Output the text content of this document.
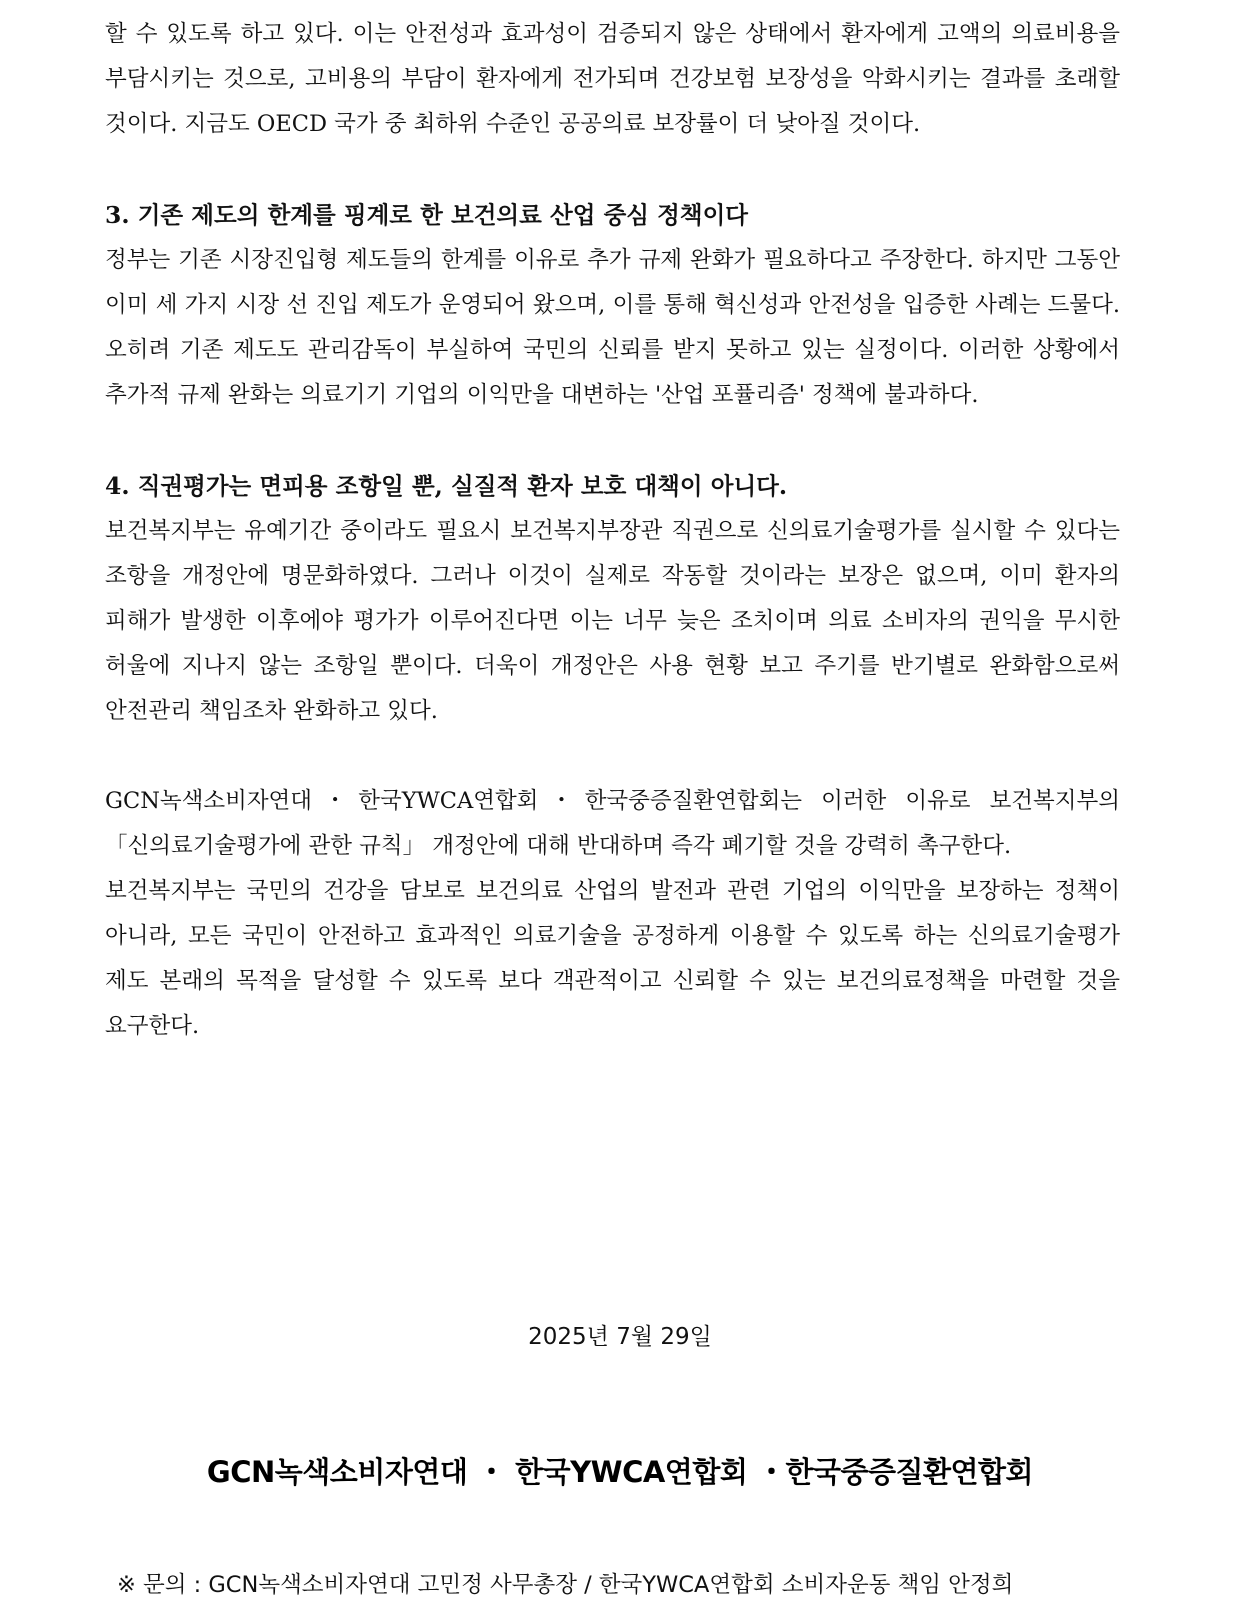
할 수 있도록 하고 있다. 이는 안전성과 효과성이 검증되지 않은 상태에서 환자에게 고액의 의료비용을 부담시키는 것으로, 고비용의 부담이 환자에게 전가되며 건강보험 보장성을 악화시키는 결과를 초래할 것이다. 지금도 OECD 국가 중 최하위 수준인 공공의료 보장률이 더 낮아질 것이다.

3. 기존 제도의 한계를 핑계로 한 보건의료 산업 중심 정책이다

정부는 기존 시장진입형 제도들의 한계를 이유로 추가 규제 완화가 필요하다고 주장한다. 하지만 그동안 이미 세 가지 시장 선 진입 제도가 운영되어 왔으며, 이를 통해 혁신성과 안전성을 입증한 사례는 드물다. 오히려 기존 제도도 관리감독이 부실하여 국민의 신뢰를 받지 못하고 있는 실정이다. 이러한 상황에서 추가적 규제 완화는 의료기기 기업의 이익만을 대변하는 '산업 포퓰리즘' 정책에 불과하다.

4. 직권평가는 면피용 조항일 뿐, 실질적 환자 보호 대책이 아니다.

보건복지부는 유예기간 중이라도 필요시 보건복지부장관 직권으로 신의료기술평가를 실시할 수 있다는 조항을 개정안에 명문화하였다. 그러나 이것이 실제로 작동할 것이라는 보장은 없으며, 이미 환자의 피해가 발생한 이후에야 평가가 이루어진다면 이는 너무 늦은 조치이며 의료 소비자의 권익을 무시한 허울에 지나지 않는 조항일 뿐이다. 더욱이 개정안은 사용 현황 보고 주기를 반기별로 완화함으로써 안전관리 책임조차 완화하고 있다.

GCN녹색소비자연대・한국YWCA연합회・한국중증질환연합회는 이러한 이유로 보건복지부의 「신의료기술평가에 관한 규칙」 개정안에 대해 반대하며 즉각 폐기할 것을 강력히 촉구한다.

보건복지부는 국민의 건강을 담보로 보건의료 산업의 발전과 관련 기업의 이익만을 보장하는 정책이 아니라, 모든 국민이 안전하고 효과적인 의료기술을 공정하게 이용할 수 있도록 하는 신의료기술평가 제도 본래의 목적을 달성할 수 있도록 보다 객관적이고 신뢰할 수 있는 보건의료정책을 마련할 것을 요구한다.

2025년 7월 29일
GCN녹색소비자연대 ・ 한국YWCA연합회 ・한국중증질환연합회
※ 문의 : GCN녹색소비자연대 고민정 사무총장 / 한국YWCA연합회 소비자운동 책임 안정희
